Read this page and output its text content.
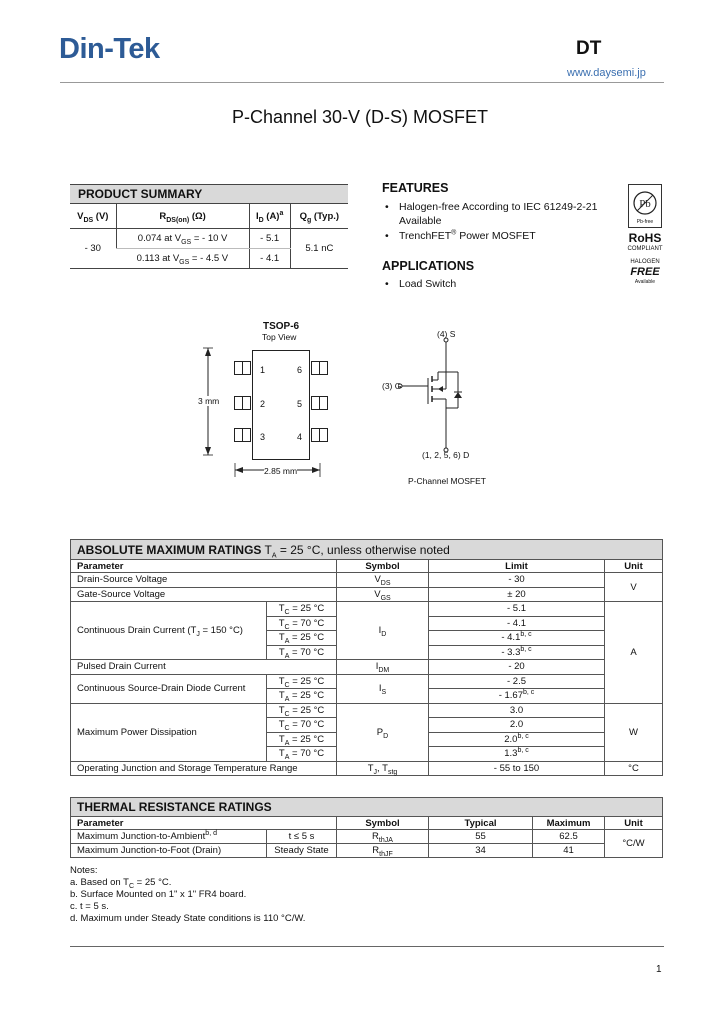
Din-Tek	DT
www.daysemi.jp
P-Channel 30-V (D-S) MOSFET
PRODUCT SUMMARY			
$V_{DS}$ (V)	$R_{DS(on)}$ (Ω)	$I_D$ $(A)^a$	$Q_g$ (Typ.)
- 30	0.074 at $V_{GS}$ = - 10 V	- 5.1	5.1 nC
	0.113 at $V_{GS}$ = - 4.5 V	- 4.1	
FEATURES
• Halogen-free According to IEC 61249-2-21
Available
• TrenchFET® Power MOSFET
APPLICATIONS
• Load Switch
Pb
Pb-free
RoHS
COMPLIANT
HALOGEN
FREE
Available
TSOP-6
Top View
1
2
3
6
5
4
3 mm
2.85 mm
(4) S
(3) G
(1, 2, 5, 6) D
P-Channel MOSFET
ABSOLUTE MAXIMUM RATINGS $T_A = 25$ °C, unless otherwise noted				
Parameter		Symbol	Limit	Unit
Drain-Source Voltage		$V_{DS}$	- 30	V
Gate-Source Voltage		$V_{GS}$	± 20	
Continuous Drain Current ($T_J = 150$ °C)	$T_C = 25$ °C	$I_D$	- 5.1	A
	$T_C = 70$ °C		- 4.1	
	$T_A = 25$ °C		- 4.1$^{b, c}$
	$T_A = 70$ °C		- 3.3$^{b, c}$
Pulsed Drain Current		$I_{DM}$	- 20	
Continuous Source-Drain Diode Current	$T_C = 25$ °C	$I_S$	- 2.5	
	$T_A = 25$ °C		- 1.67$^{b, c}$
Maximum Power Dissipation	$T_C = 25$ °C	$P_D$	3.0	W
	$T_C = 70$ °C		2.0	
	$T_A = 25$ °C		2.0$^{b, c}$
	$T_A = 70$ °C		1.3$^{b, c}$
Operating Junction and Storage Temperature Range		$T_J$, $T_{stg}$	- 55 to 150	°C
THERMAL RESISTANCE RATINGS					
Parameter		Symbol	Typical	Maximum	Unit
Maximum Junction-to-Ambient$^{b, d}$	t ≤ 5 s	$R_{thJA}$	55	62.5	°C/W
Maximum Junction-to-Foot (Drain)	Steady State	$R_{thJF}$	34	41	
Notes:
a. Based on $T_C = 25$ °C.
b. Surface Mounted on 1" x 1" FR4 board.
c. t = 5 s.
d. Maximum under Steady State conditions is 110 °C/W.
1
